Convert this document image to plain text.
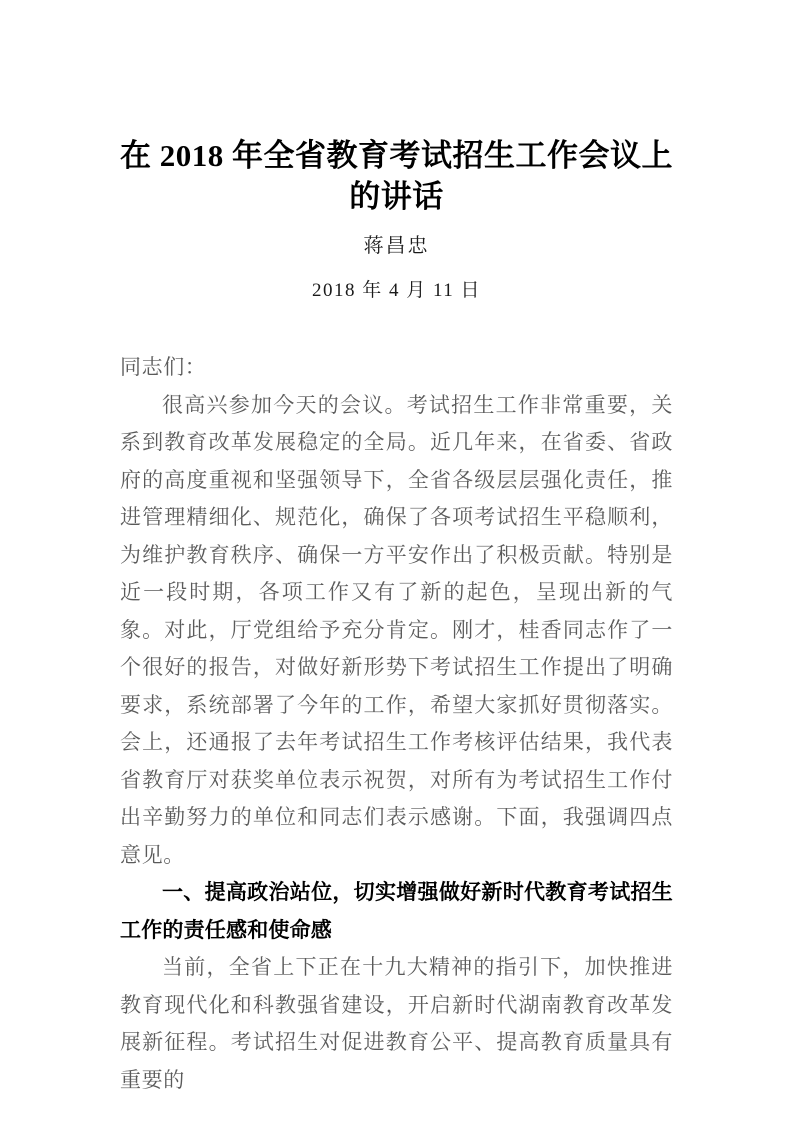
在 2018 年全省教育考试招生工作会议上的讲话

蒋昌忠

2018 年 4 月 11 日

同志们：

很高兴参加今天的会议。考试招生工作非常重要，关系到教育改革发展稳定的全局。近几年来，在省委、省政府的高度重视和坚强领导下，全省各级层层强化责任，推进管理精细化、规范化，确保了各项考试招生平稳顺利，为维护教育秩序、确保一方平安作出了积极贡献。特别是近一段时期，各项工作又有了新的起色，呈现出新的气象。对此，厅党组给予充分肯定。刚才，桂香同志作了一个很好的报告，对做好新形势下考试招生工作提出了明确要求，系统部署了今年的工作，希望大家抓好贯彻落实。会上，还通报了去年考试招生工作考核评估结果，我代表省教育厅对获奖单位表示祝贺，对所有为考试招生工作付出辛勤努力的单位和同志们表示感谢。下面，我强调四点意见。

一、提高政治站位，切实增强做好新时代教育考试招生工作的责任感和使命感

当前，全省上下正在十九大精神的指引下，加快推进教育现代化和科教强省建设，开启新时代湖南教育改革发展新征程。考试招生对促进教育公平、提高教育质量具有重要的
